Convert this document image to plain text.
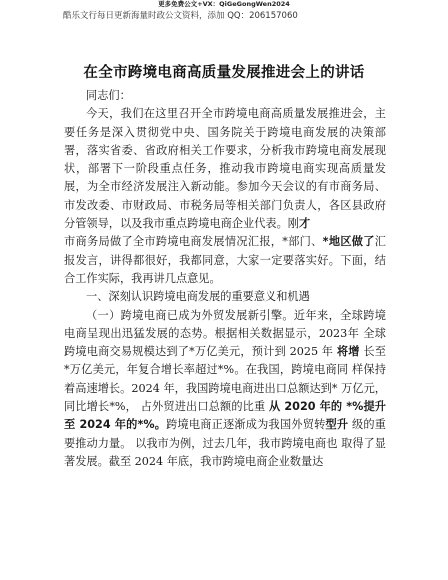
更多免费公文+VX：QiGeGongWen2024
酷乐文行每日更新海量时政公文资料，添加 QQ：206157060
在全市跨境电商高质量发展推进会上的讲话

同志们：

今天，我们在这里召开全市跨境电商高质量发展推进会，主要任务是深入贯彻党中央、国务院关于跨境电商发展的决策部署，落实省委、省政府相关工作要求，分析我市跨境电商发展现状，部署下一阶段重点任务，推动我市跨境电商实现高质量发展，为全市经济发展注入新动能。参加今天会议的有市商务局、市发改委、市财政局、市税务局等相关部门负责人，各区县政府分管领导，以及我市重点跨境电商企业代表。刚才

市商务局做了全市跨境电商发展情况汇报，*部门、*地区做了汇报发言，讲得都很好，我都同意，大家一定要落实好。下面，结合工作实际，我再讲几点意见。

一、深刻认识跨境电商发展的重要意义和机遇

（一）跨境电商已成为外贸发展新引擎。近年来，全球跨境电商呈现出迅猛发展的态势。根据相关数据显示，2023年 全球跨境电商交易规模达到了*万亿美元，预计到 2025 年 将增 长至*万亿美元，年复合增长率超过*%。在我国，跨境电商同 样保持着高速增长。2024 年，我国跨境电商进出口总额达到* 万亿元，同比增长*%， 占外贸进出口总额的比重 从 2020 年的 *%提升至 2024 年的*%。跨境电商正逐渐成为我国外贸转型升 级的重要推动力量。 以我市为例，过去几年，我市跨境电商也 取得了显著发展。截至 2024 年底，我市跨境电商企业数量达
